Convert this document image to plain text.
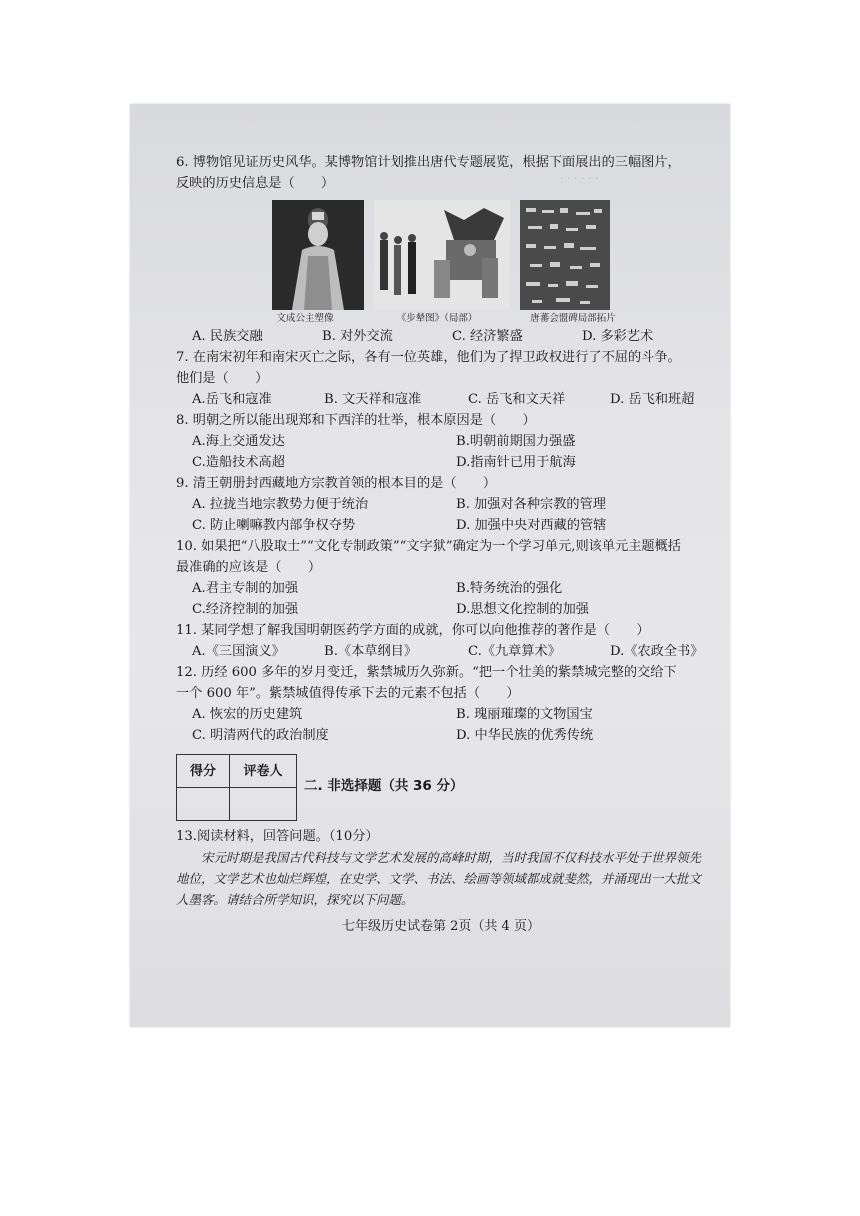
· · · · · ·

6. 博物馆见证历史风华。某博物馆计划推出唐代专题展览，根据下面展出的三幅图片，

反映的历史信息是（　　）

文成公主塑像	《步辇图》（局部）	唐蕃会盟碑局部拓片
A. 民族交融	B. 对外交流	C. 经济繁盛	D. 多彩艺术

7. 在南宋初年和南宋灭亡之际，各有一位英雄，他们为了捍卫政权进行了不屈的斗争。

他们是（　　）

A.岳飞和寇准	B. 文天祥和寇准	C. 岳飞和文天祥	D. 岳飞和班超

8. 明朝之所以能出现郑和下西洋的壮举，根本原因是（　　）

A.海上交通发达	B.明朝前期国力强盛
C.造船技术高超	D.指南针已用于航海

9. 清王朝册封西藏地方宗教首领的根本目的是（　　）

A. 拉拢当地宗教势力便于统治	B. 加强对各种宗教的管理
C. 防止喇嘛教内部争权夺势	D. 加强中央对西藏的管辖

10. 如果把“八股取士”“文化专制政策”“文字狱”确定为一个学习单元,则该单元主题概括

最准确的应该是（　　）

A.君主专制的加强	B.特务统治的强化
C.经济控制的加强	D.思想文化控制的加强

11. 某同学想了解我国明朝医药学方面的成就，你可以向他推荐的著作是（　　）

A.《三国演义》	B.《本草纲目》	C.《九章算术》	D.《农政全书》

12. 历经 600 多年的岁月变迁，紫禁城历久弥新。“把一个壮美的紫禁城完整的交给下

一个 600 年”。紫禁城值得传承下去的元素不包括（　　）

A. 恢宏的历史建筑	B. 瑰丽璀璨的文物国宝
C. 明清两代的政治制度	D. 中华民族的优秀传统
得分	评卷人

二. 非选择题（共 36 分）

13.阅读材料，回答问题。（10分）

宋元时期是我国古代科技与文学艺术发展的高峰时期，当时我国不仅科技水平处于世界领先地位，文学艺术也灿烂辉煌，在史学、文学、书法、绘画等领域都成就斐然，并涌现出一大批文人墨客。请结合所学知识，探究以下问题。

七年级历史试卷第 2页（共 4 页）
